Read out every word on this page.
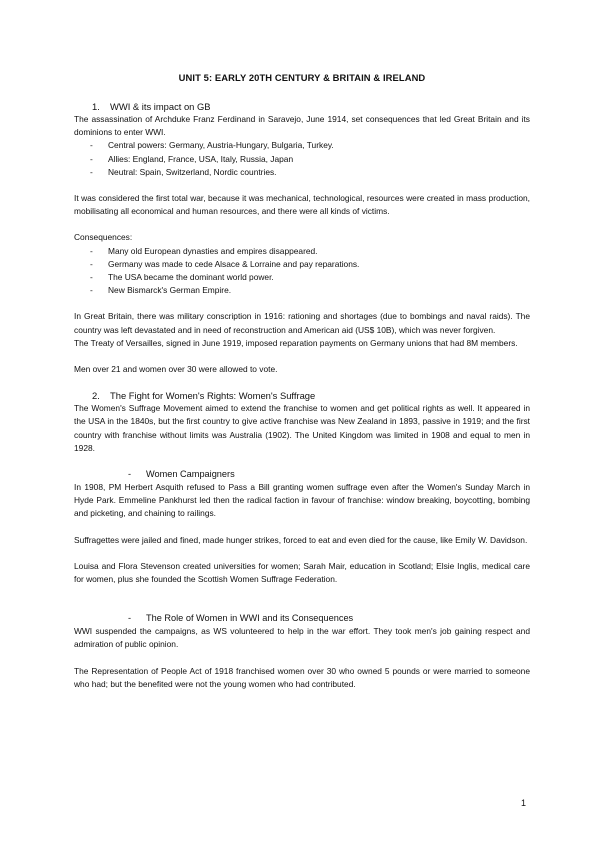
UNIT 5: EARLY 20TH CENTURY & BRITAIN & IRELAND

1. WWI & its impact on GB

The assassination of Archduke Franz Ferdinand in Saravejo, June 1914, set consequences that led Great Britain and its dominions to enter WWI.

- Central powers: Germany, Austria-Hungary, Bulgaria, Turkey.
- Allies: England, France, USA, Italy, Russia, Japan
- Neutral: Spain, Switzerland, Nordic countries.

It was considered the first total war, because it was mechanical, technological, resources were created in mass production, mobilisating all economical and human resources, and there were all kinds of victims.

Consequences:

- Many old European dynasties and empires disappeared.
- Germany was made to cede Alsace & Lorraine and pay reparations.
- The USA became the dominant world power.
- New Bismarck's German Empire.

In Great Britain, there was military conscription in 1916: rationing and shortages (due to bombings and naval raids). The country was left devastated and in need of reconstruction and American aid (US$ 10B), which was never forgiven.

The Treaty of Versailles, signed in June 1919, imposed reparation payments on Germany unions that had 8M members.

Men over 21 and women over 30 were allowed to vote.

2. The Fight for Women's Rights: Women's Suffrage

The Women's Suffrage Movement aimed to extend the franchise to women and get political rights as well. It appeared in the USA in the 1840s, but the first country to give active franchise was New Zealand in 1893, passive in 1919; and the first country with franchise without limits was Australia (1902). The United Kingdom was limited in 1908 and equal to men in 1928.

- Women Campaigners

In 1908, PM Herbert Asquith refused to Pass a Bill granting women suffrage even after the Women's Sunday March in Hyde Park. Emmeline Pankhurst led then the radical faction in favour of franchise: window breaking, boycotting, bombing and picketing, and chaining to railings.

Suffragettes were jailed and fined, made hunger strikes, forced to eat and even died for the cause, like Emily W. Davidson.

Louisa and Flora Stevenson created universities for women; Sarah Mair, education in Scotland; Elsie Inglis, medical care for women, plus she founded the Scottish Women Suffrage Federation.

- The Role of Women in WWI and its Consequences

WWI suspended the campaigns, as WS volunteered to help in the war effort. They took men's job gaining respect and admiration of public opinion.

The Representation of People Act of 1918 franchised women over 30 who owned 5 pounds or were married to someone who had; but the benefited were not the young women who had contributed.

1
